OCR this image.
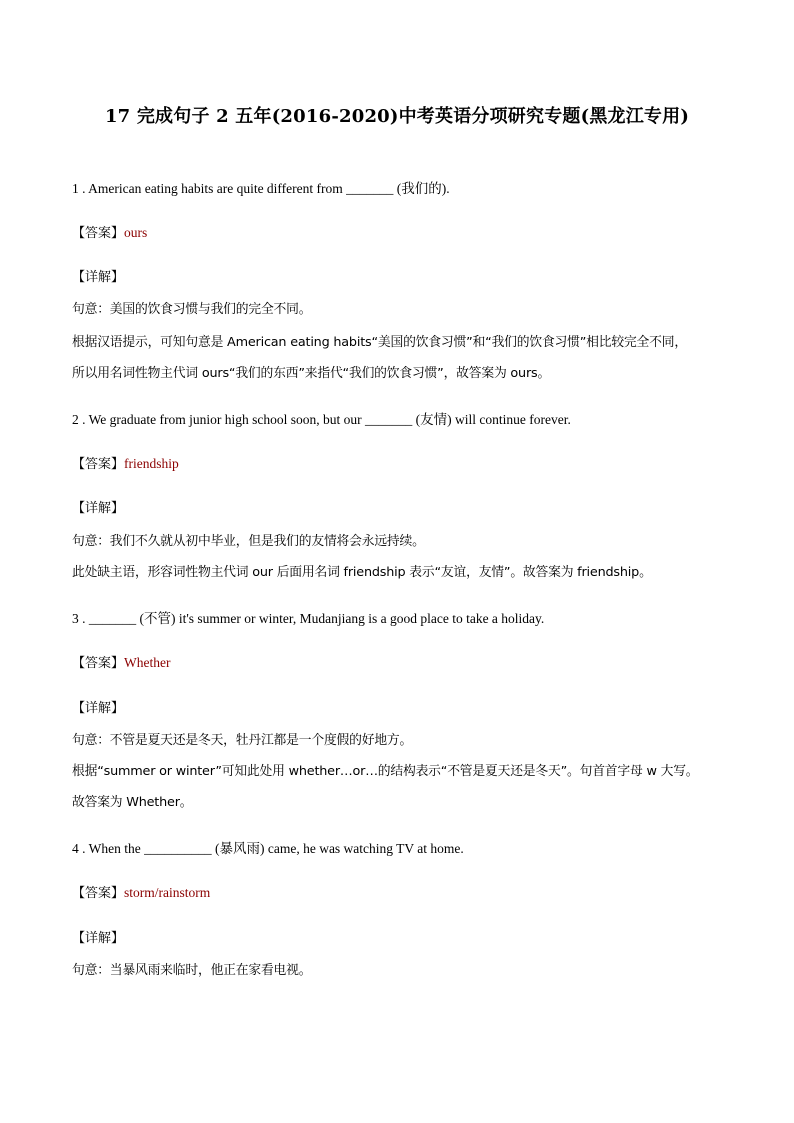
17 完成句子 2 五年(2016-2020)中考英语分项研究专题(黑龙江专用)
1 . American eating habits are quite different from _______ (我们的).
【答案】ours
【详解】
句意：美国的饮食习惯与我们的完全不同。
根据汉语提示，可知句意是 American eating habits“美国的饮食习惯”和“我们的饮食习惯”相比较完全不同，
所以用名词性物主代词 ours“我们的东西”来指代“我们的饮食习惯”，故答案为 ours。
2 . We graduate from junior high school soon, but our _______ (友情) will continue forever.
【答案】friendship
【详解】
句意：我们不久就从初中毕业，但是我们的友情将会永远持续。
此处缺主语，形容词性物主代词 our 后面用名词 friendship 表示“友谊，友情”。故答案为 friendship。
3 . _______ (不管) it's summer or winter, Mudanjiang is a good place to take a holiday.
【答案】Whether
【详解】
句意：不管是夏天还是冬天，牡丹江都是一个度假的好地方。
根据“summer or winter”可知此处用 whether…or…的结构表示“不管是夏天还是冬天”。句首首字母 w 大写。
故答案为 Whether。
4 . When the __________ (暴风雨) came, he was watching TV at home.
【答案】storm/rainstorm
【详解】
句意：当暴风雨来临时，他正在家看电视。
